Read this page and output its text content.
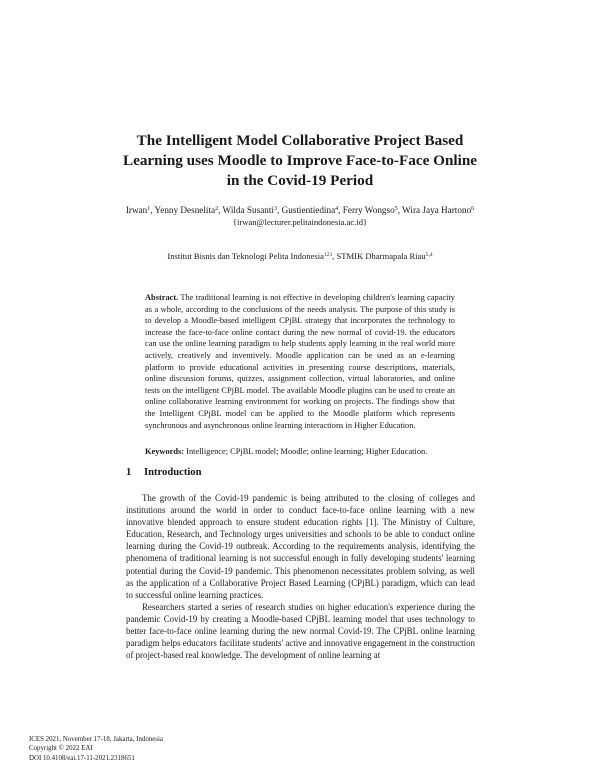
The Intelligent Model Collaborative Project Based
Learning uses Moodle to Improve Face-to-Face Online
in the Covid-19 Period
Irwan$^1$, Yenny Desnelita$^2$, Wilda Susanti$^3$, Gustientiedina$^4$, Ferry Wongso$^5$, Wira Jaya Hartono$^6$
{irwan@lecturer.pelitaindonesia.ac.id}
Institut Bisnis dan Teknologi Pelita Indonesia$^{123}$, STMIK Dharmapala Riau$^{5,4}$
Abstract. The traditional learning is not effective in developing children's learning capacity as a whole, according to the conclusions of the needs analysis. The purpose of this study is to develop a Moodle-based intelligent CPjBL strategy that incorporates the technology to increase the face-to-face online contact during the new normal of covid-19. the educators can use the online learning paradigm to help students apply learning in the real world more actively, creatively and inventively. Moodle application can be used as an e-learning platform to provide educational activities in presenting course descriptions, materials, online discussion forums, quizzes, assignment collection, virtual laboratories, and online tests on the intelligent CPjBL model. The available Moodle plugins can be used to create an online collaborative learning environment for working on projects. The findings show that the Intelligent CPjBL model can be applied to the Moodle platform which represents synchronous and asynchronous online learning interactions in Higher Education.
Keywords: Intelligence; CPjBL model; Moodle; online learning; Higher Education.
1 Introduction

The growth of the Covid-19 pandemic is being attributed to the closing of colleges and institutions around the world in order to conduct face-to-face online learning with a new innovative blended approach to ensure student education rights [1]. The Ministry of Culture, Education, Research, and Technology urges universities and schools to be able to conduct online learning during the Covid-19 outbreak. According to the requirements analysis, identifying the phenomena of traditional learning is not successful enough in fully developing students' learning potential during the Covid-19 pandemic. This phenomenon necessitates problem solving, as well as the application of a Collaborative Project Based Learning (CPjBL) paradigm, which can lead to successful online learning practices.

Researchers started a series of research studies on higher education's experience during the pandemic Covid-19 by creating a Moodle-based CPjBL learning model that uses technology to better face-to-face online learning during the new normal Covid-19. The CPjBL online learning paradigm helps educators facilitate students' active and innovative engagement in the construction of project-based real knowledge. The development of online learning at

ICES 2021, November 17-18, Jakarta, Indonesia
Copyright © 2022 EAI
DOI 10.4108/eai.17-11-2021.2318651
